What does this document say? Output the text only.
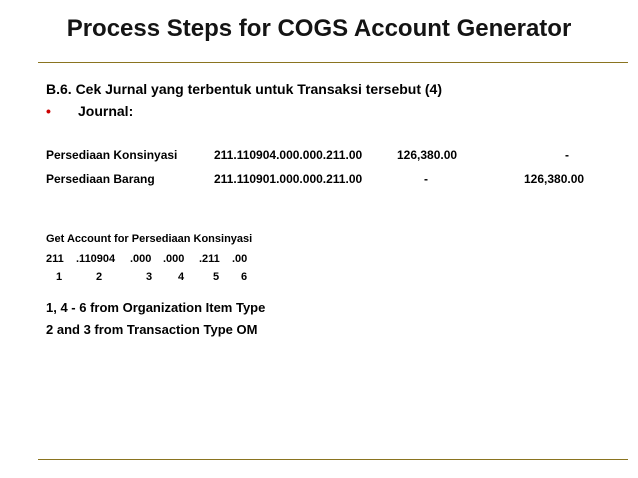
Process Steps for COGS Account Generator
B.6. Cek Jurnal yang terbentuk untuk Transaksi tersebut (4)
• Journal:
Persediaan Konsinyasi	211.110904.000.000.211.00	126,380.00	-
Persediaan Barang	211.110901.000.000.211.00	-	126,380.00
Get Account for Persediaan Konsinyasi
211 .110904 .000 .000 .211 .00
1	2	3 4	5 6
1, 4 - 6 from Organization Item Type
2 and 3 from Transaction Type OM
